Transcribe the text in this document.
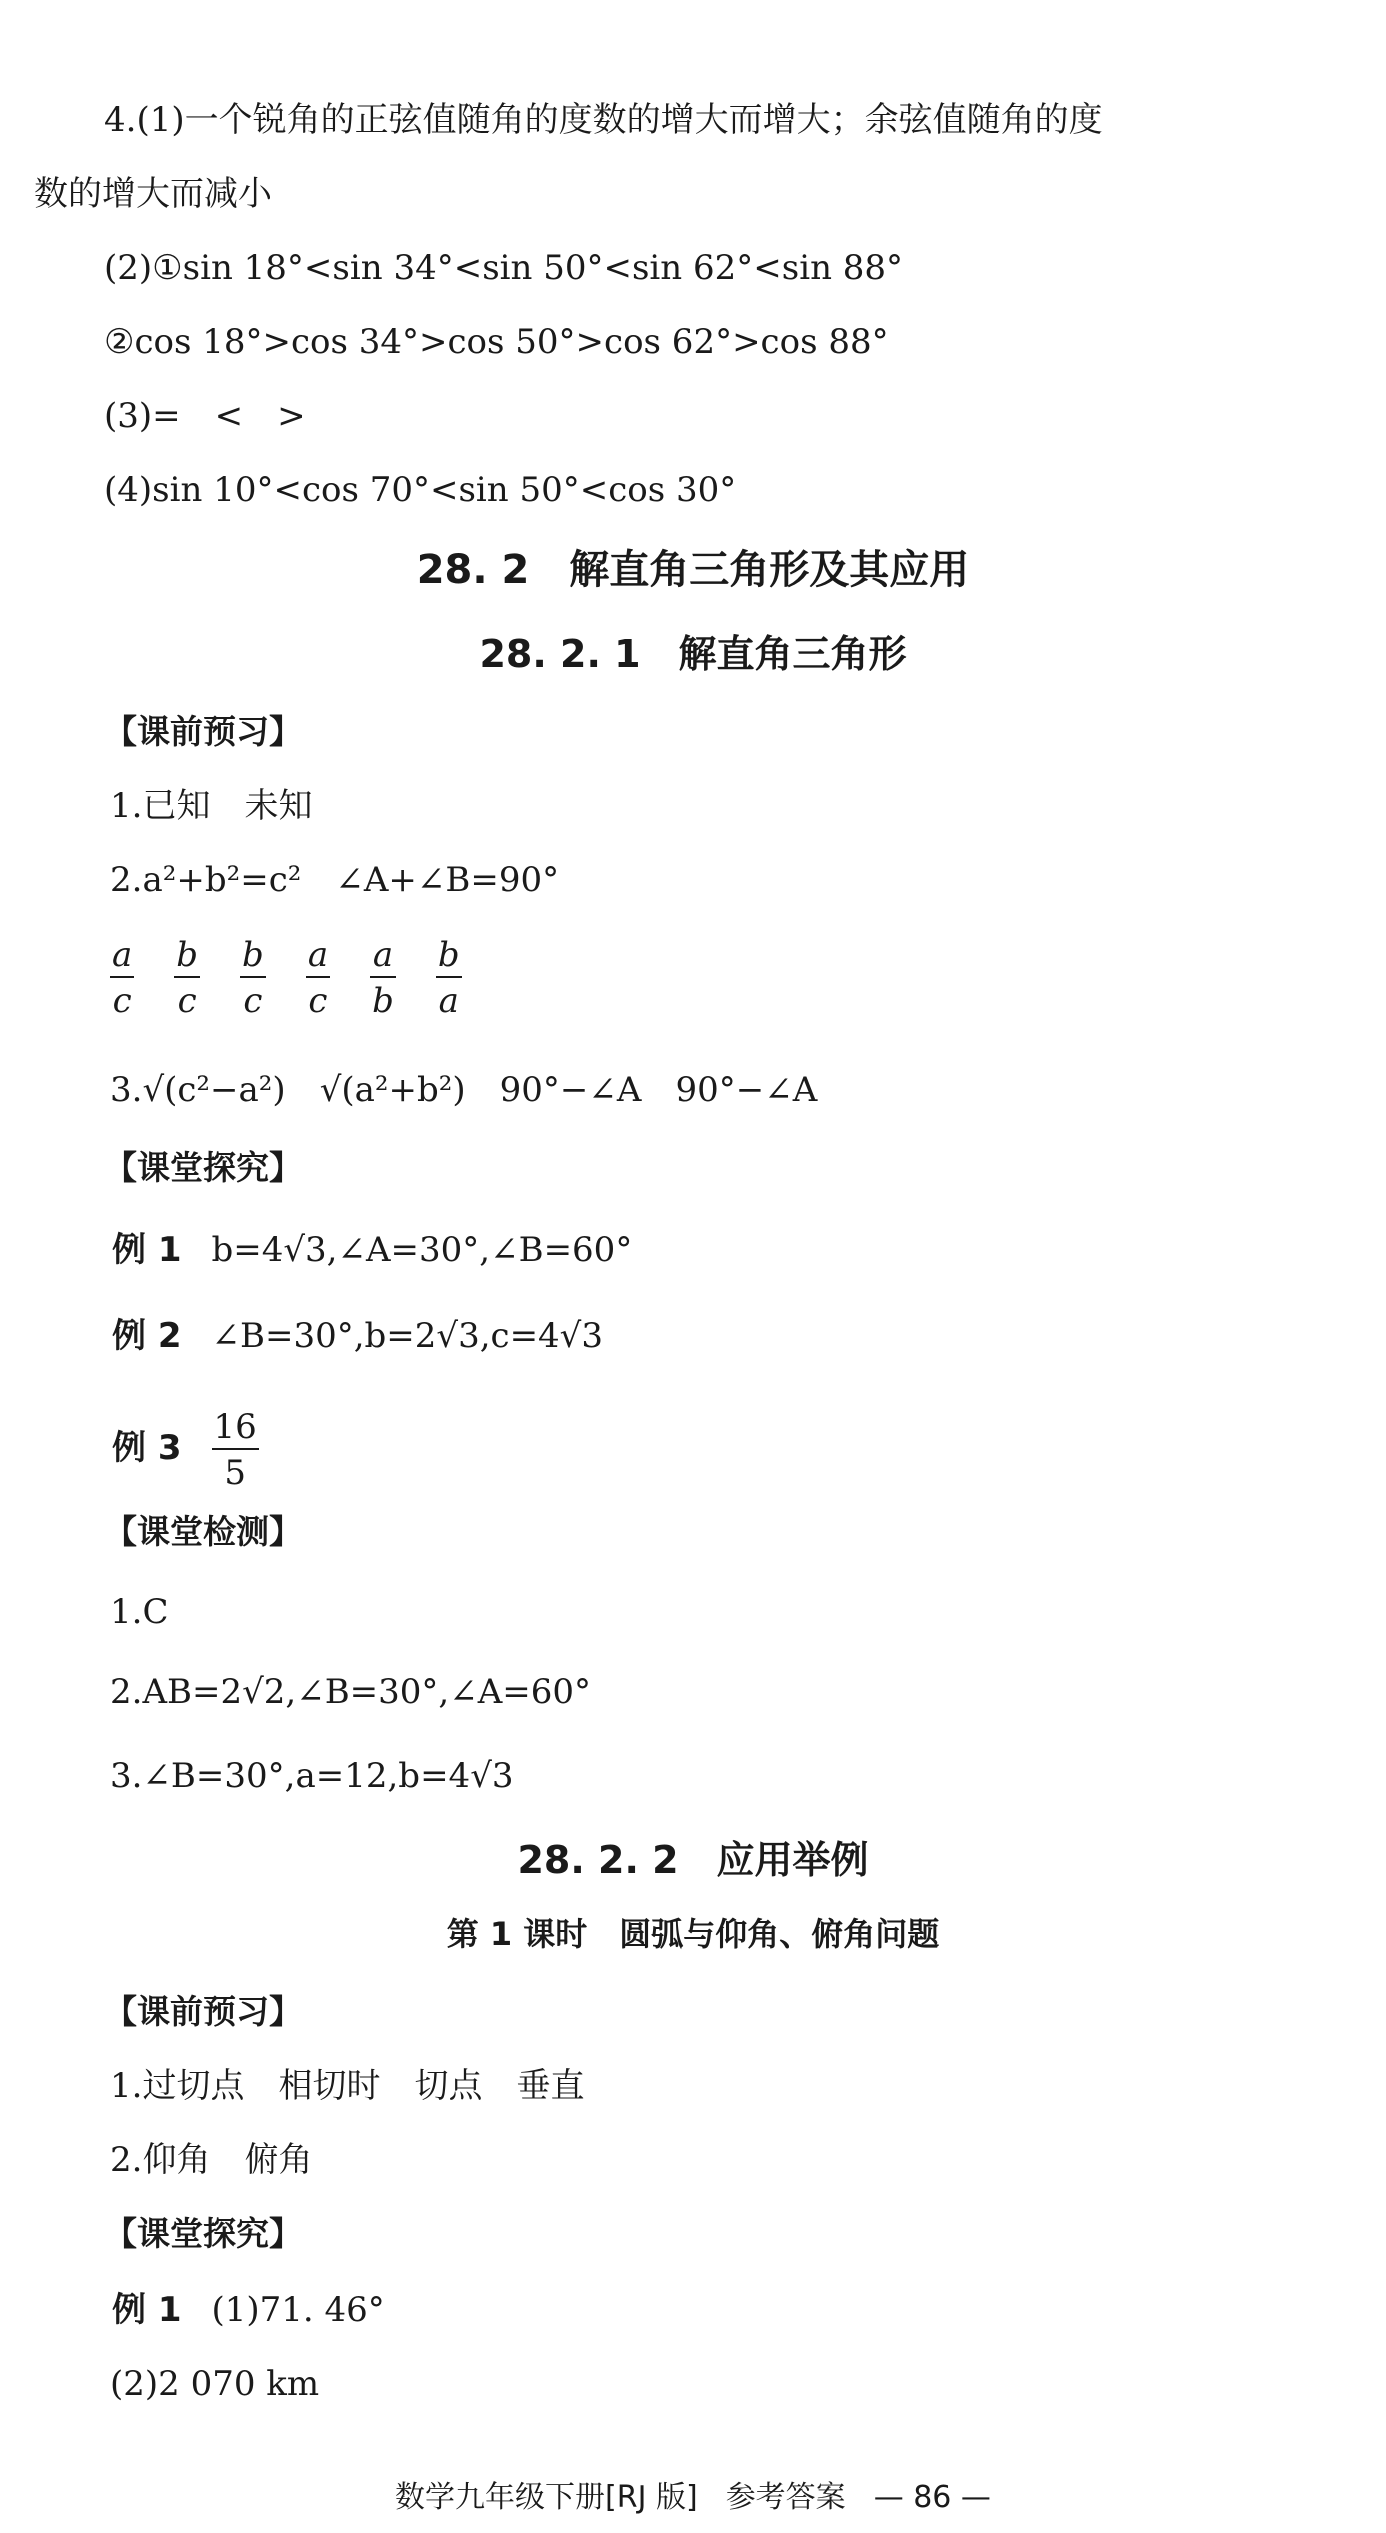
4.(1)一个锐角的正弦值随角的度数的增大而增大；余弦值随角的度
数的增大而减小
(2)①sin 18°<sin 34°<sin 50°<sin 62°<sin 88°
②cos 18°>cos 34°>cos 50°>cos 62°>cos 88°
(3)=　<　>
(4)sin 10°<cos 70°<sin 50°<cos 30°
28. 2　解直角三角形及其应用
28. 2. 1　解直角三角形
【课前预习】
1.已知　未知
2.a²+b²=c²　∠A+∠B=90°
$\frac{a}{c} \frac{b}{c} \frac{b}{c} \frac{a}{c} \frac{a}{b} \frac{b}{a}$
3.√(c²−a²)　√(a²+b²)　90°−∠A　90°−∠A
【课堂探究】
例 1 b=4√3,∠A=30°,∠B=60°
例 2 ∠B=30°,b=2√3,c=4√3
例 $3 \frac{16}{5}$
【课堂检测】
1.C
2.AB=2√2,∠B=30°,∠A=60°
3.∠B=30°,a=12,b=4√3
28. 2. 2　应用举例
第 1 课时　圆弧与仰角、俯角问题
【课前预习】
1.过切点　相切时　切点　垂直
2.仰角　俯角
【课堂探究】
例 1 (1)71. 46°
(2)2 070 km
数学九年级下册[RJ 版] 参考答案 — 86 —
